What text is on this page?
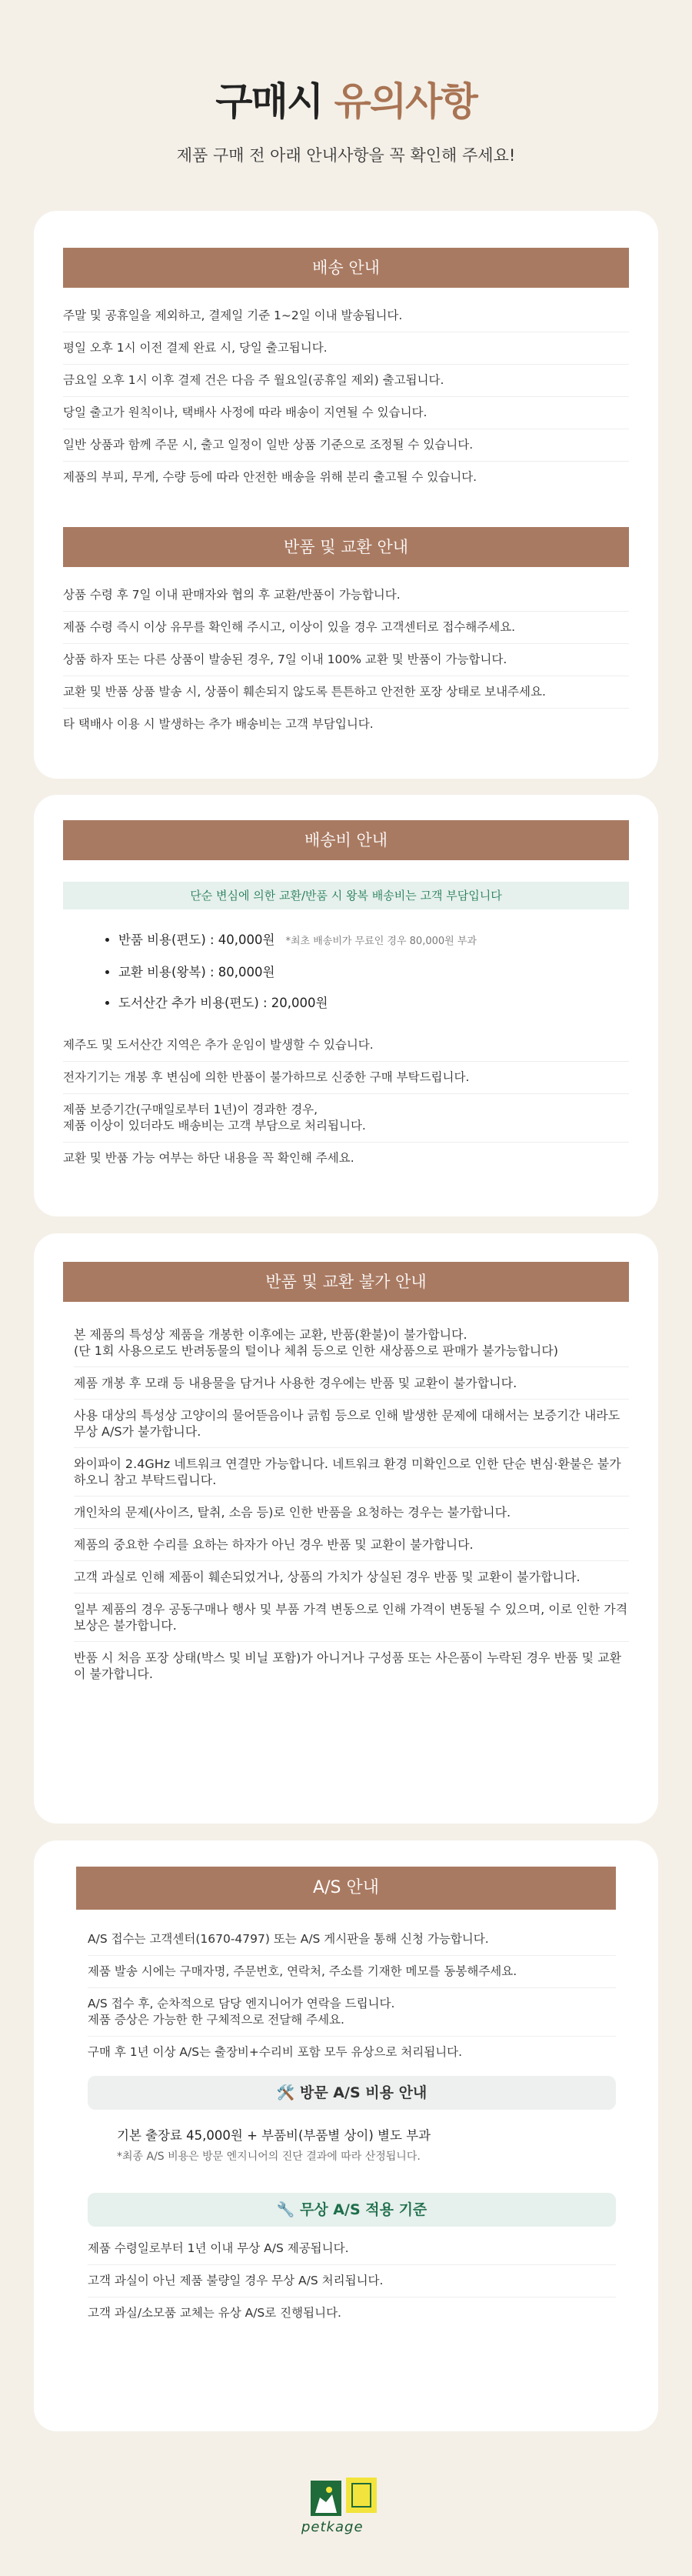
구매시 유의사항
제품 구매 전 아래 안내사항을 꼭 확인해 주세요!
배송 안내
주말 및 공휴일을 제외하고, 결제일 기준 1~2일 이내 발송됩니다.
평일 오후 1시 이전 결제 완료 시, 당일 출고됩니다.
금요일 오후 1시 이후 결제 건은 다음 주 월요일(공휴일 제외) 출고됩니다.
당일 출고가 원칙이나, 택배사 사정에 따라 배송이 지연될 수 있습니다.
일반 상품과 함께 주문 시, 출고 일정이 일반 상품 기준으로 조정될 수 있습니다.
제품의 부피, 무게, 수량 등에 따라 안전한 배송을 위해 분리 출고될 수 있습니다.
반품 및 교환 안내
상품 수령 후 7일 이내 판매자와 협의 후 교환/반품이 가능합니다.
제품 수령 즉시 이상 유무를 확인해 주시고, 이상이 있을 경우 고객센터로 접수해주세요.
상품 하자 또는 다른 상품이 발송된 경우, 7일 이내 100% 교환 및 반품이 가능합니다.
교환 및 반품 상품 발송 시, 상품이 훼손되지 않도록 튼튼하고 안전한 포장 상태로 보내주세요.
타 택배사 이용 시 발생하는 추가 배송비는 고객 부담입니다.
배송비 안내
단순 변심에 의한 교환/반품 시 왕복 배송비는 고객 부담입니다
• 반품 비용(편도) : 40,000원 *최초 배송비가 무료인 경우 80,000원 부과
• 교환 비용(왕복) : 80,000원
• 도서산간 추가 비용(편도) : 20,000원
제주도 및 도서산간 지역은 추가 운임이 발생할 수 있습니다.
전자기기는 개봉 후 변심에 의한 반품이 불가하므로 신중한 구매 부탁드립니다.
제품 보증기간(구매일로부터 1년)이 경과한 경우,
제품 이상이 있더라도 배송비는 고객 부담으로 처리됩니다.
교환 및 반품 가능 여부는 하단 내용을 꼭 확인해 주세요.
반품 및 교환 불가 안내
본 제품의 특성상 제품을 개봉한 이후에는 교환, 반품(환불)이 불가합니다.
(단 1회 사용으로도 반려동물의 털이나 체취 등으로 인한 새상품으로 판매가 불가능합니다)
제품 개봉 후 모래 등 내용물을 담거나 사용한 경우에는 반품 및 교환이 불가합니다.
사용 대상의 특성상 고양이의 물어뜯음이나 긁힘 등으로 인해 발생한 문제에 대해서는 보증기간 내라도 무상 A/S가 불가합니다.
와이파이 2.4GHz 네트워크 연결만 가능합니다. 네트워크 환경 미확인으로 인한 단순 변심·환불은 불가하오니 참고 부탁드립니다.
개인차의 문제(사이즈, 탈취, 소음 등)로 인한 반품을 요청하는 경우는 불가합니다.
제품의 중요한 수리를 요하는 하자가 아닌 경우 반품 및 교환이 불가합니다.
고객 과실로 인해 제품이 훼손되었거나, 상품의 가치가 상실된 경우 반품 및 교환이 불가합니다.
일부 제품의 경우 공동구매나 행사 및 부품 가격 변동으로 인해 가격이 변동될 수 있으며, 이로 인한 가격 보상은 불가합니다.
반품 시 처음 포장 상태(박스 및 비닐 포함)가 아니거나 구성품 또는 사은품이 누락된 경우 반품 및 교환이 불가합니다.
A/S 안내
A/S 접수는 고객센터(1670-4797) 또는 A/S 게시판을 통해 신청 가능합니다.
제품 발송 시에는 구매자명, 주문번호, 연락처, 주소를 기재한 메모를 동봉해주세요.
A/S 접수 후, 순차적으로 담당 엔지니어가 연락을 드립니다.
제품 증상은 가능한 한 구체적으로 전달해 주세요.
구매 후 1년 이상 A/S는 출장비+수리비 포함 모두 유상으로 처리됩니다.
🛠️ 방문 A/S 비용 안내
기본 출장료 45,000원 + 부품비(부품별 상이) 별도 부과
*최종 A/S 비용은 방문 엔지니어의 진단 결과에 따라 산정됩니다.
🔧 무상 A/S 적용 기준
제품 수령일로부터 1년 이내 무상 A/S 제공됩니다.
고객 과실이 아닌 제품 불량일 경우 무상 A/S 처리됩니다.
고객 과실/소모품 교체는 유상 A/S로 진행됩니다.
petkage
